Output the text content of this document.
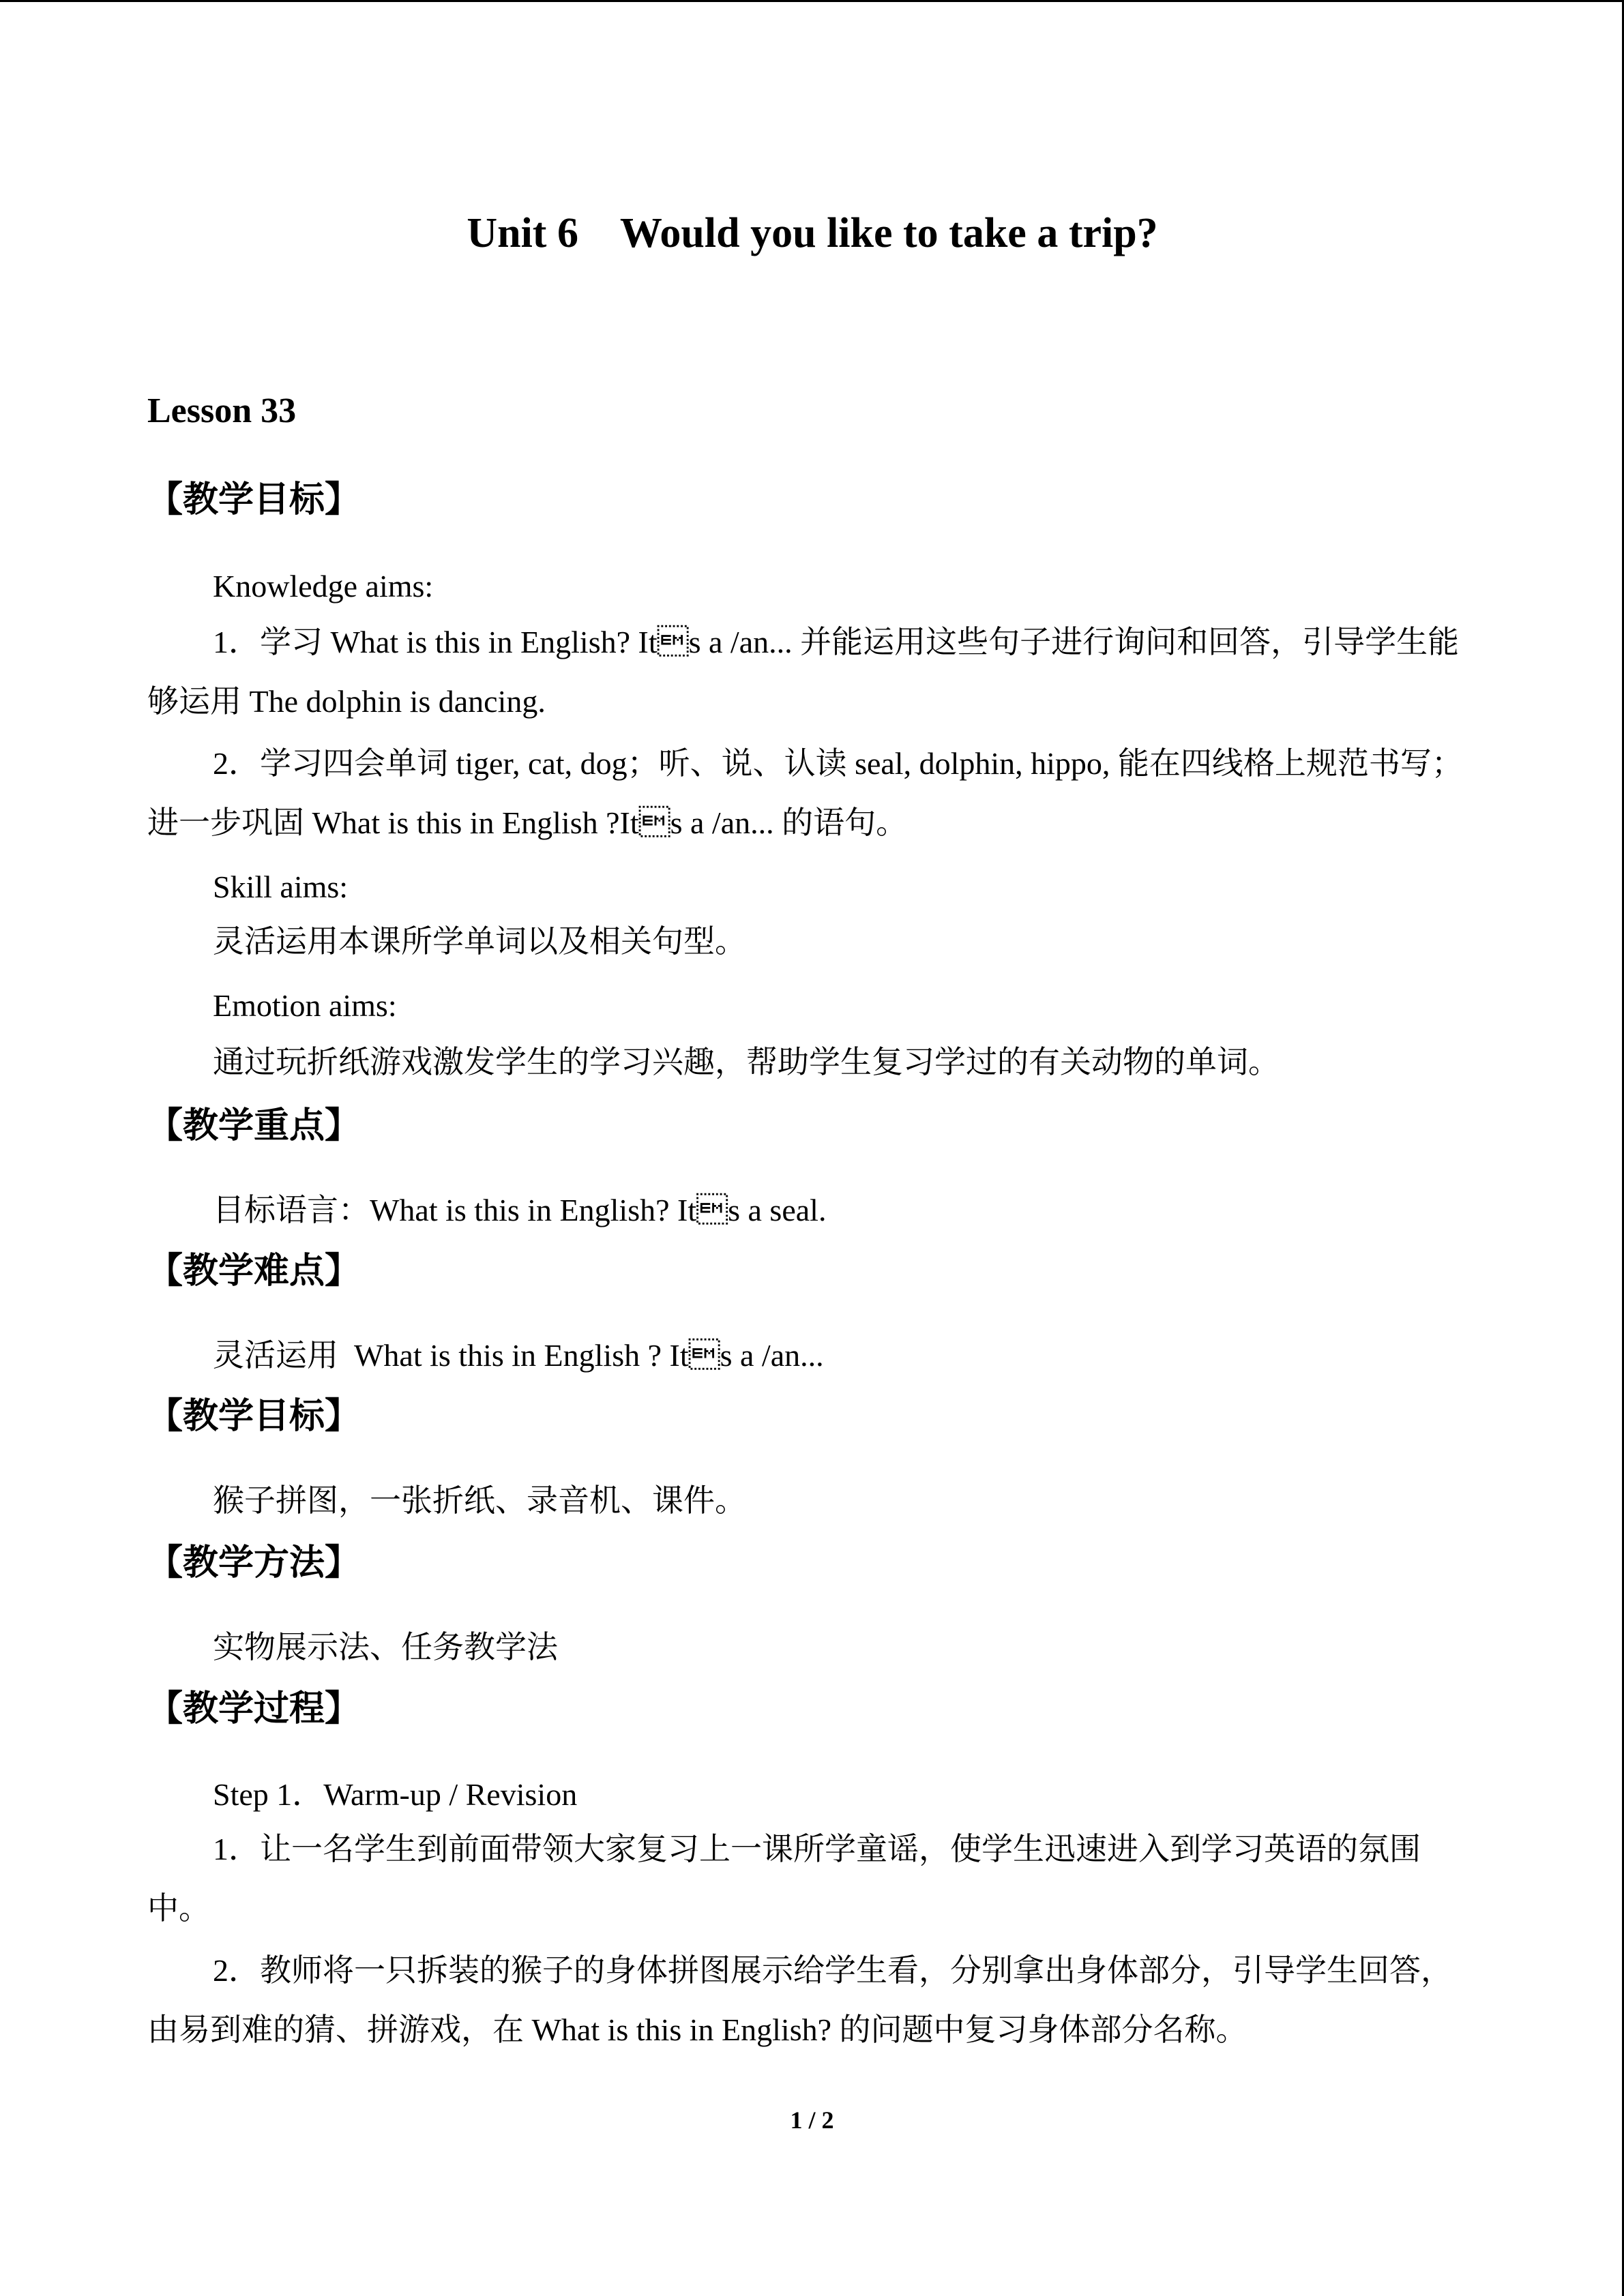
Unit 6    Would you like to take a trip?
Lesson 33
【教学目标】
Knowledge aims:
1．学习 What is this in English? Its a /an... 并能运用这些句子进行询问和回答，引导学生能够运用 The dolphin is dancing.
2．学习四会单词 tiger, cat, dog；听、说、认读 seal, dolphin, hippo, 能在四线格上规范书写；进一步巩固 What is this in English ?Its a /an... 的语句。
Skill aims:
灵活运用本课所学单词以及相关句型。
Emotion aims:
通过玩折纸游戏激发学生的学习兴趣，帮助学生复习学过的有关动物的单词。
【教学重点】
目标语言：What is this in English? Its a seal.
【教学难点】
灵活运用  What is this in English ? Its a /an...
【教学目标】
猴子拼图，一张折纸、录音机、课件。
【教学方法】
实物展示法、任务教学法
【教学过程】
Step 1．Warm-up / Revision
1．让一名学生到前面带领大家复习上一课所学童谣，使学生迅速进入到学习英语的氛围中。
2．教师将一只拆装的猴子的身体拼图展示给学生看，分别拿出身体部分，引导学生回答，由易到难的猜、拼游戏，在 What is this in English? 的问题中复习身体部分名称。
1 / 2
